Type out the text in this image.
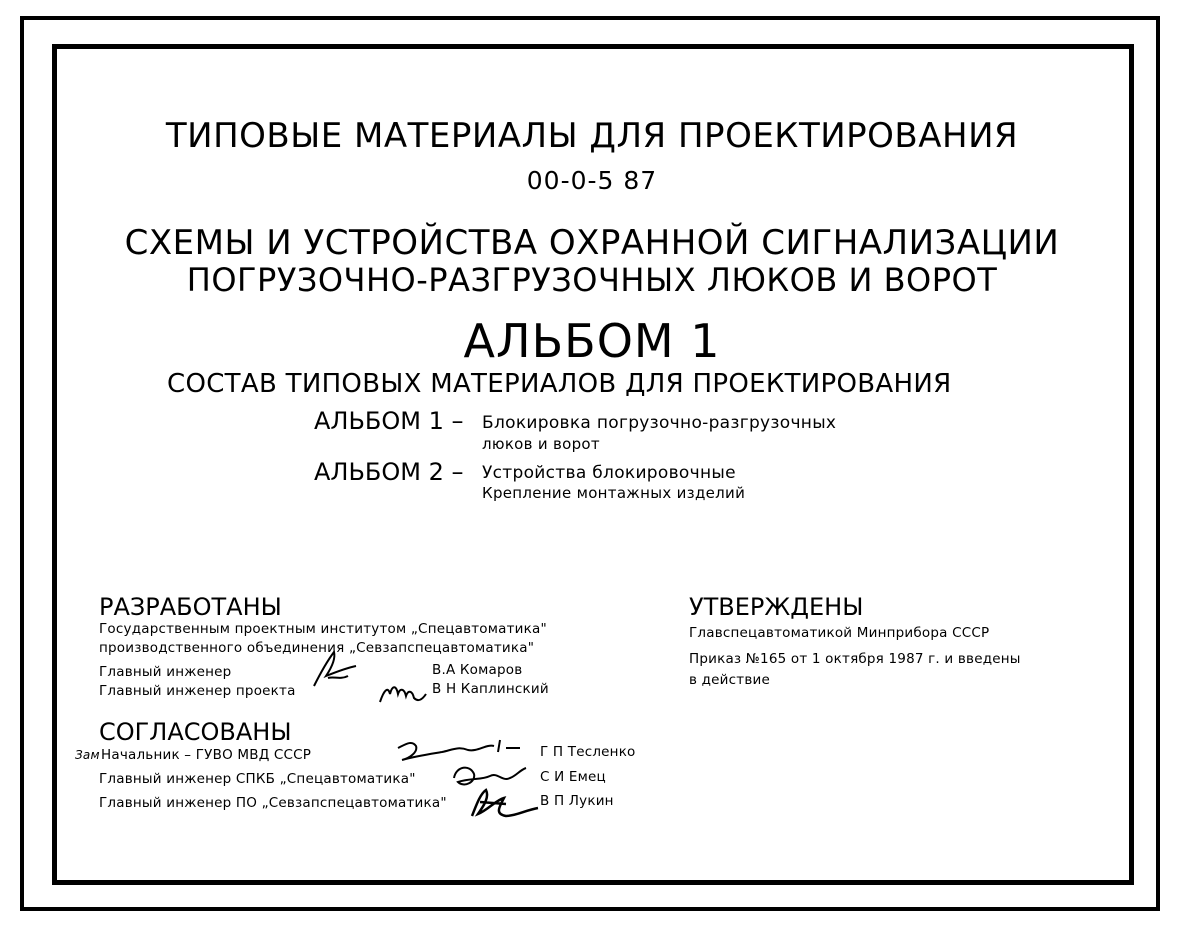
ТИПОВЫЕ МАТЕРИАЛЫ ДЛЯ ПРОЕКТИРОВАНИЯ
00-0-5 87
СХЕМЫ И УСТРОЙСТВА ОХРАННОЙ СИГНАЛИЗАЦИИ
ПОГРУЗОЧНО-РАЗГРУЗОЧНЫХ ЛЮКОВ И ВОРОТ
АЛЬБОМ 1
СОСТАВ ТИПОВЫХ МАТЕРИАЛОВ ДЛЯ ПРОЕКТИРОВАНИЯ
АЛЬБОМ 1 – Блокировка погрузочно-разгрузочных
люков и ворот
АЛЬБОМ 2 – Устройства блокировочные
Крепление монтажных изделий
РАЗРАБОТАНЫ
Государственным проектным институтом „Спецавтоматика"
производственного объединения „Севзапспецавтоматика"
Главный инженер	В.А Комаров
Главный инженер проекта	В Н Каплинский
УТВЕРЖДЕНЫ
Главспецавтоматикой Минприбора СССР
Приказ №165 от 1 октября 1987 г. и введены
в действие
СОГЛАСОВАНЫ
Зам Начальник – ГУВО МВД СССР	Г П Тесленко
Главный инженер СПКБ „Спецавтоматика"	С И Емец
Главный инженер ПО „Севзапспецавтоматика"	В П Лукин
